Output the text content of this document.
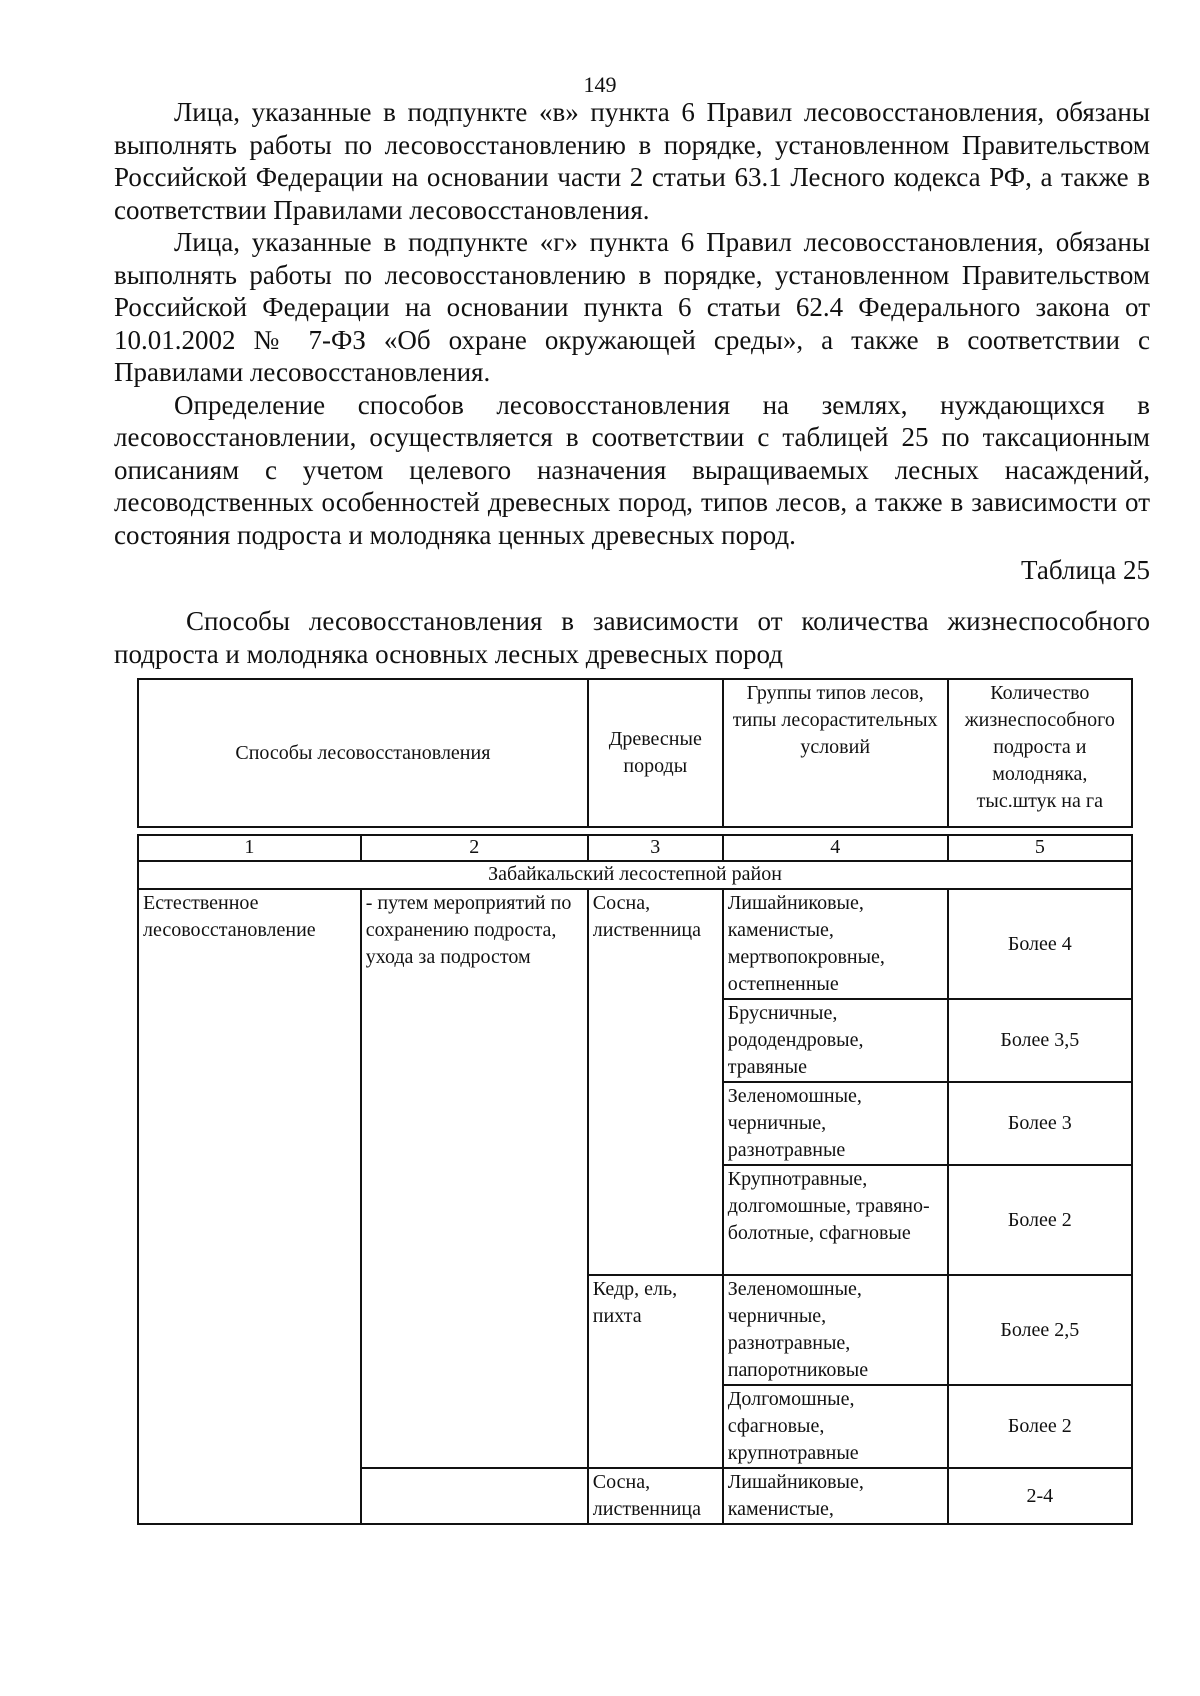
149

Лица, указанные в подпункте «в» пункта 6 Правил лесовосстановления, обязаны выполнять работы по лесовосстановлению в порядке, установленном Правительством Российской Федерации на основании части 2 статьи 63.1 Лесного кодекса РФ, а также в соответствии Правилами лесовосстановления.

Лица, указанные в подпункте «г» пункта 6 Правил лесовосстановления, обязаны выполнять работы по лесовосстановлению в порядке, установленном Правительством Российской Федерации на основании пункта 6 статьи 62.4 Федерального закона от 10.01.2002 № 7-ФЗ «Об охране окружающей среды», а также в соответствии с Правилами лесовосстановления.

Определение способов лесовосстановления на землях, нуждающихся в лесовосстановлении, осуществляется в соответствии с таблицей 25 по таксационным описаниям с учетом целевого назначения выращиваемых лесных насаждений, лесоводственных особенностей древесных пород, типов лесов, а также в зависимости от состояния подроста и молодняка ценных древесных пород.

Таблица 25
Способы лесовосстановления в зависимости от количества жизнеспособного подроста и молодняка основных лесных древесных пород
Способы лесовосстановления		Древесные породы	Группы типов лесов, типы лесорастительных условий	Количество жизнеспособного подроста и молодняка, тыс.штук на га

1	2	3	4	5
Забайкальский лесостепной район				
Естественное лесовосстановление	- путем мероприятий по сохранению подроста, ухода за подростом	Сосна, лиственница	Лишайниковые, каменистые, мертвопокровные, остепненные	Более 4
			Брусничные, рододендровые, травяные	Более 3,5
			Зеленомошные, черничные, разнотравные	Более 3
			Крупнотравные, долгомошные, травяно-болотные, сфагновые	Более 2
		Кедр, ель, пихта	Зеленомошные, черничные, разнотравные, папоротниковые	Более 2,5
			Долгомошные, сфагновые, крупнотравные	Более 2
		Сосна, лиственница	Лишайниковые, каменистые,	2-4
